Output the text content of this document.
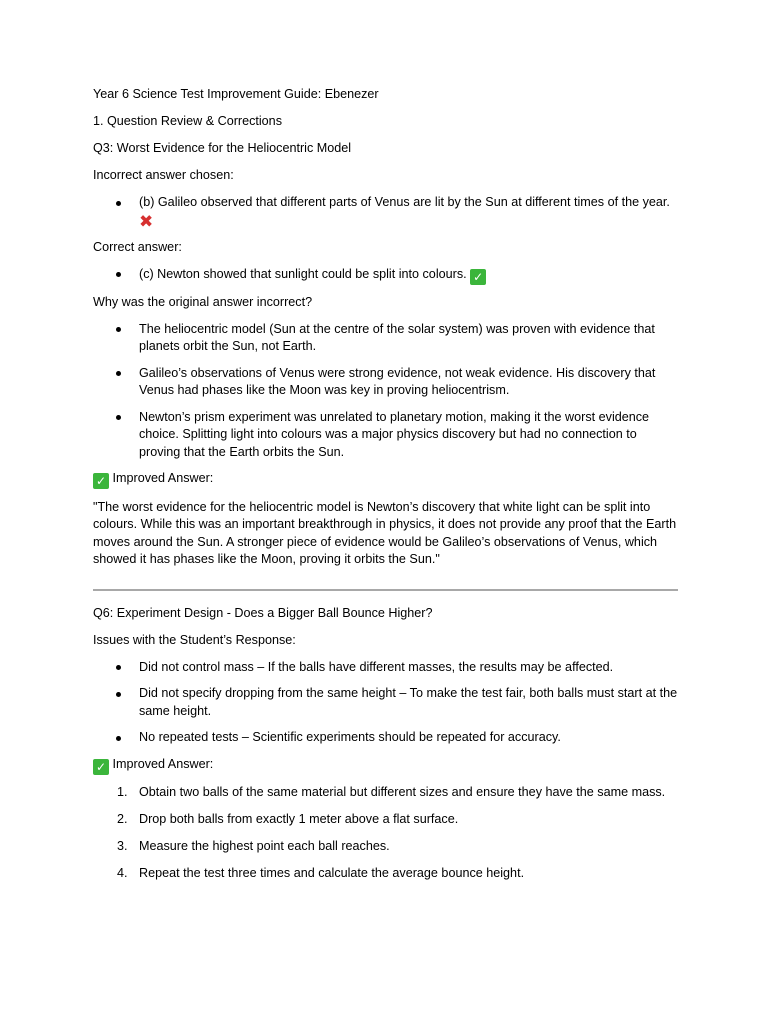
Year 6 Science Test Improvement Guide: Ebenezer

1. Question Review & Corrections

Q3: Worst Evidence for the Heliocentric Model

Incorrect answer chosen:

(b) Galileo observed that different parts of Venus are lit by the Sun at different times of the year. ✖

Correct answer:

(c) Newton showed that sunlight could be split into colours. ✓

Why was the original answer incorrect?

The heliocentric model (Sun at the centre of the solar system) was proven with evidence that planets orbit the Sun, not Earth.
Galileo’s observations of Venus were strong evidence, not weak evidence. His discovery that Venus had phases like the Moon was key in proving heliocentrism.
Newton’s prism experiment was unrelated to planetary motion, making it the worst evidence choice. Splitting light into colours was a major physics discovery but had no connection to proving that the Earth orbits the Sun.

✓ Improved Answer:

"The worst evidence for the heliocentric model is Newton’s discovery that white light can be split into colours. While this was an important breakthrough in physics, it does not provide any proof that the Earth moves around the Sun. A stronger piece of evidence would be Galileo’s observations of Venus, which showed it has phases like the Moon, proving it orbits the Sun."

Q6: Experiment Design - Does a Bigger Ball Bounce Higher?

Issues with the Student’s Response:

Did not control mass – If the balls have different masses, the results may be affected.
Did not specify dropping from the same height – To make the test fair, both balls must start at the same height.
No repeated tests – Scientific experiments should be repeated for accuracy.

✓ Improved Answer:

1. Obtain two balls of the same material but different sizes and ensure they have the same mass.
2. Drop both balls from exactly 1 meter above a flat surface.
3. Measure the highest point each ball reaches.
4. Repeat the test three times and calculate the average bounce height.
